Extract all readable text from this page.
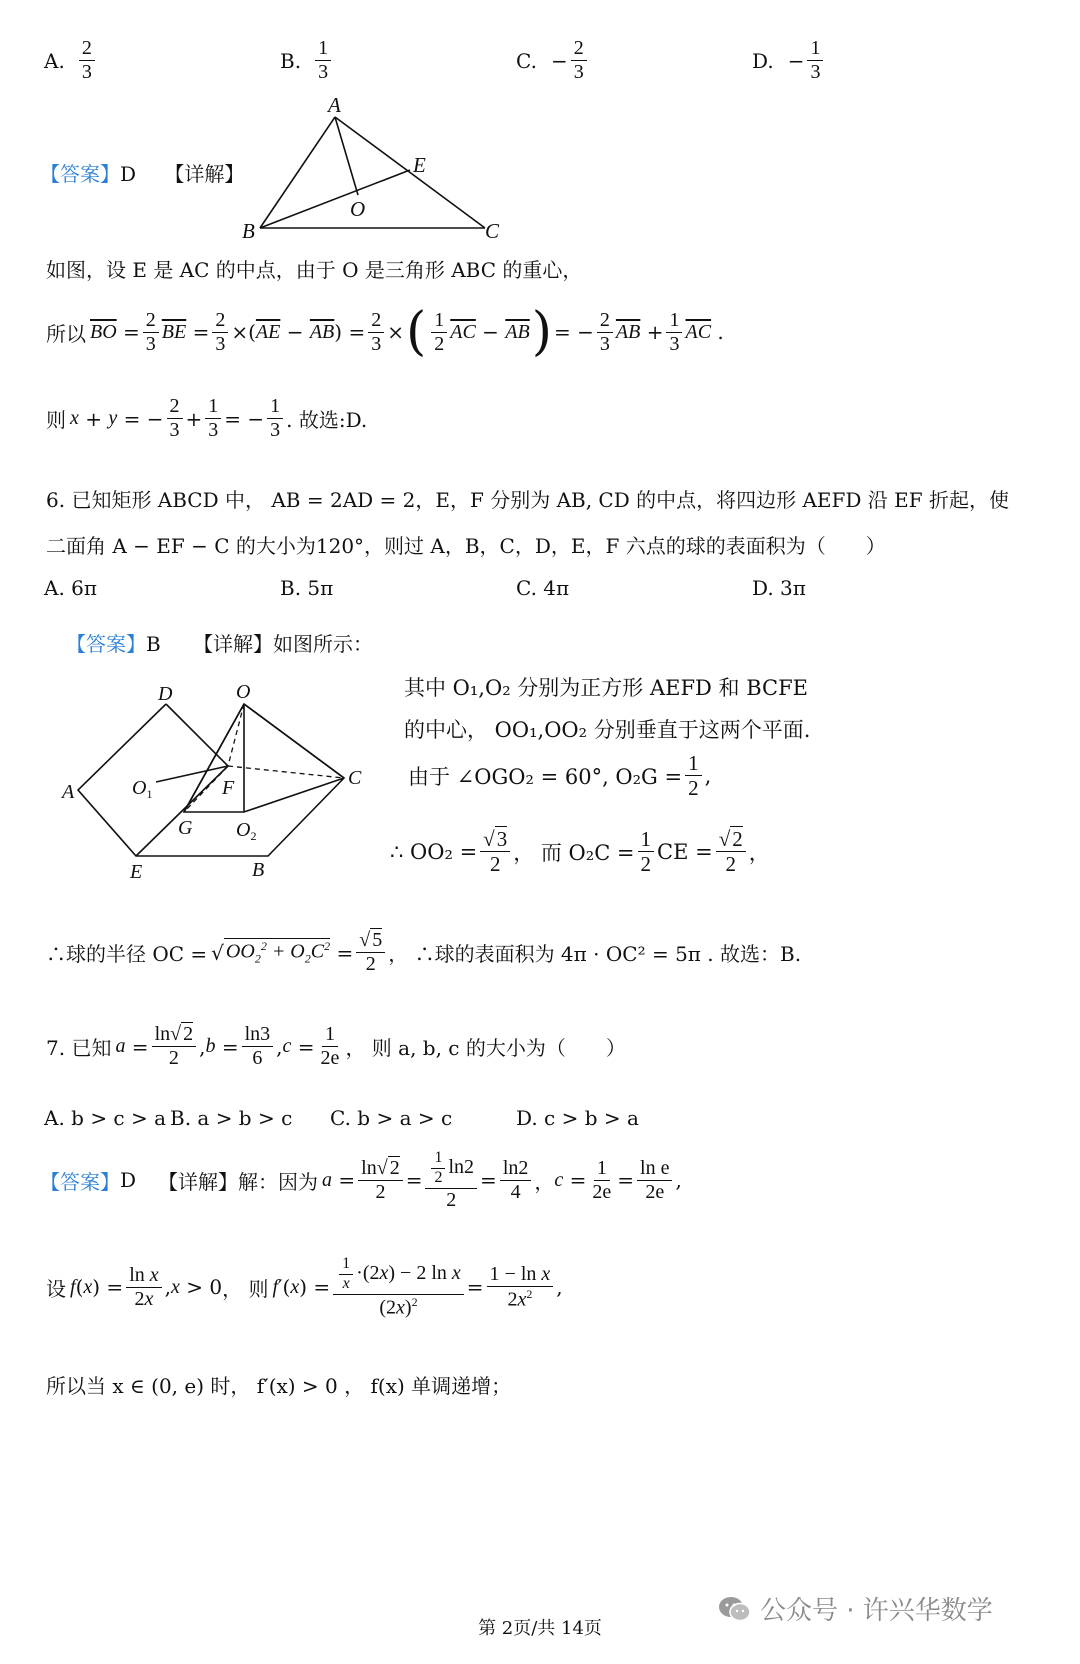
A. $\frac{2}{3}$	B. $\frac{1}{3}$	C. − $\frac{2}{3}$	D. − $\frac{1}{3}$
【答案】D 【详解】
A
B	C
E
O
如图，设 E 是 AC 的中点，由于 O 是三角形 ABC 的重心，
所以 $\overline{BO} = \frac{2}{3} \overline{BE} = \frac{2}{3}$ ×( $\overline{AE} - \overline{AB}$ ) = $\frac{2}{3}$ × ( $\frac{1}{2} \overline{AC} - \overline{AB}$ ) = − $\frac{2}{3} \overline{AB} + \frac{1}{3} \overline{AC}$ .
则 x + y = − $\frac{2}{3} + \frac{1}{3}$ = − $\frac{1}{3}$ . 故选:D.
6. 已知矩形 ABCD 中， AB = 2AD = 2，E，F 分别为 AB, CD 的中点，将四边形 AEFD 沿 EF 折起，使
二面角 A − EF − C 的大小为120°，则过 A，B，C，D，E，F 六点的球的表面积为（　　）
A. 6π	B. 5π	C. 4π	D. 3π
【答案】B 【详解】如图所示：
D	O
A	$O_1$	F	C
G $O_2$
E	B
其中 O₁,O₂ 分别为正方形 AEFD 和 BCFE
的中心， OO₁,OO₂ 分别垂直于这两个平面.
由于 ∠OGO₂ = 60°, $O_2G = \frac{1}{2}$ ,
∴ $OO_2 = \frac{√3}{2}$ ， 而 $O_2C = \frac{1}{2}$ CE = $\frac{√2}{2}$ ，
∴球的半径 OC = √ $OO_2^2 + O_2C^2 = \frac{√ 5}{2}$ ， ∴球的表面积为 4π · OC² = 5π . 故选：B.
7. 已知 $a = \frac{\ln√ 2}{2}$ , $b = \frac{\ln 3}{6}$ , $c = \frac{1}{2e}$ ， 则 a, b, c 的大小为（　　）
A. b > c > a B. a > b > c C. b > a > c	D. c > b > a
【答案】 D 【详解】解：因为 $a = \frac{\ln√ 2}{2} = \frac{\frac{1}{2} \ln 2}{2} = \frac{\ln 2}{4}$ ， $c = \frac{1}{2e} = \frac{\text{ln e}}{2e}$ ,
设 f ( x ) = $\frac{\text{ln x}}{2x}$ , x > 0 ， 则 f ′( x ) = $\frac{\frac{1}{x} \cdot(2x) - 2 \ln x}{(2x)^2} = \frac{\text{1 − ln x}}{2x^2}$ ,
所以当 x ∈ (0, e) 时， f′(x) > 0 ， f(x) 单调递增；
公众号 · 许兴华数学
第 2页/共 14页
